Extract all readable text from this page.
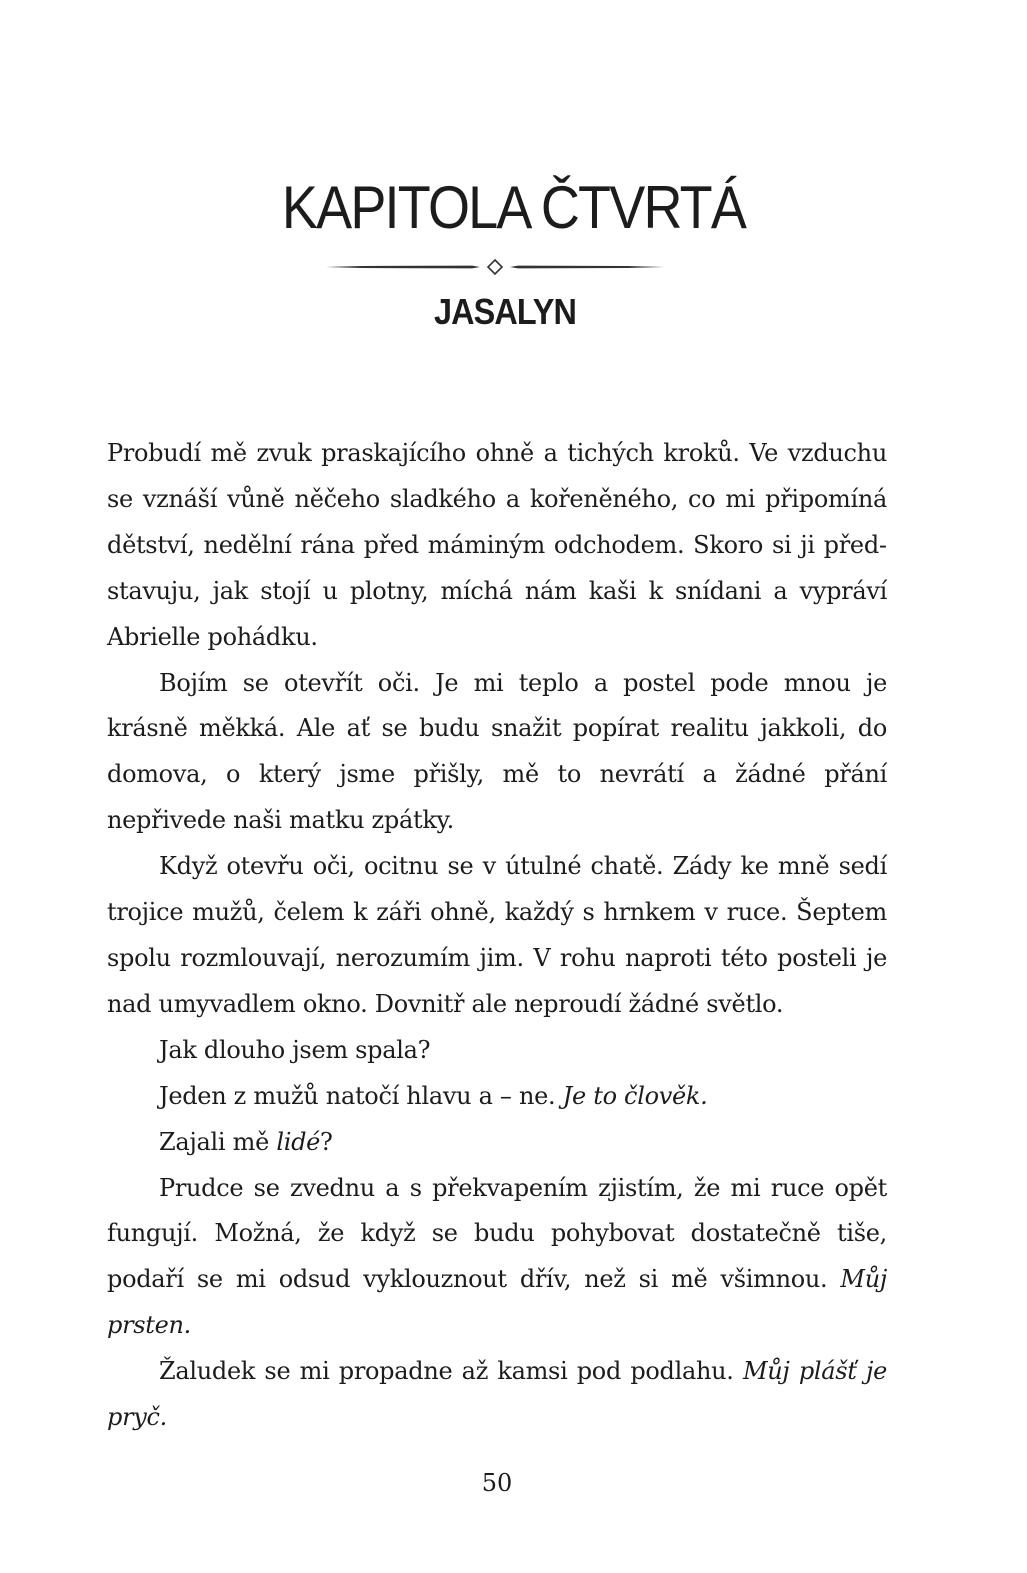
KAPITOLA ČTVRTÁ
JASALYN

Probudí mě zvuk praskajícího ohně a tichých kroků. Ve vzduchu se vznáší vůně něčeho sladkého a kořeněného, co mi připomíná dětství, nedělní rána před máminým odchodem. Skoro si ji představuju, jak stojí u plotny, míchá nám kaši k snídani a vypráví Abrielle pohádku.

Bojím se otevřít oči. Je mi teplo a postel pode mnou je krásně měkká. Ale ať se budu snažit popírat realitu jakkoli, do domova, o který jsme přišly, mě to nevrátí a žádné přání nepřivede naši matku zpátky.

Když otevřu oči, ocitnu se v útulné chatě. Zády ke mně sedí trojice mužů, čelem k záři ohně, každý s hrnkem v ruce. Šeptem spolu rozmlouvají, nerozumím jim. V rohu naproti této posteli je nad umyvadlem okno. Dovnitř ale neproudí žádné světlo.

Jak dlouho jsem spala?

Jeden z mužů natočí hlavu a – ne. Je to člověk.

Zajali mě lidé?

Prudce se zvednu a s překvapením zjistím, že mi ruce opět fungují. Možná, že když se budu pohybovat dostatečně tiše, podaří se mi odsud vyklouznout dřív, než si mě všimnou. Můj prsten.

Žaludek se mi propadne až kamsi pod podlahu. Můj plášť je pryč.

50
